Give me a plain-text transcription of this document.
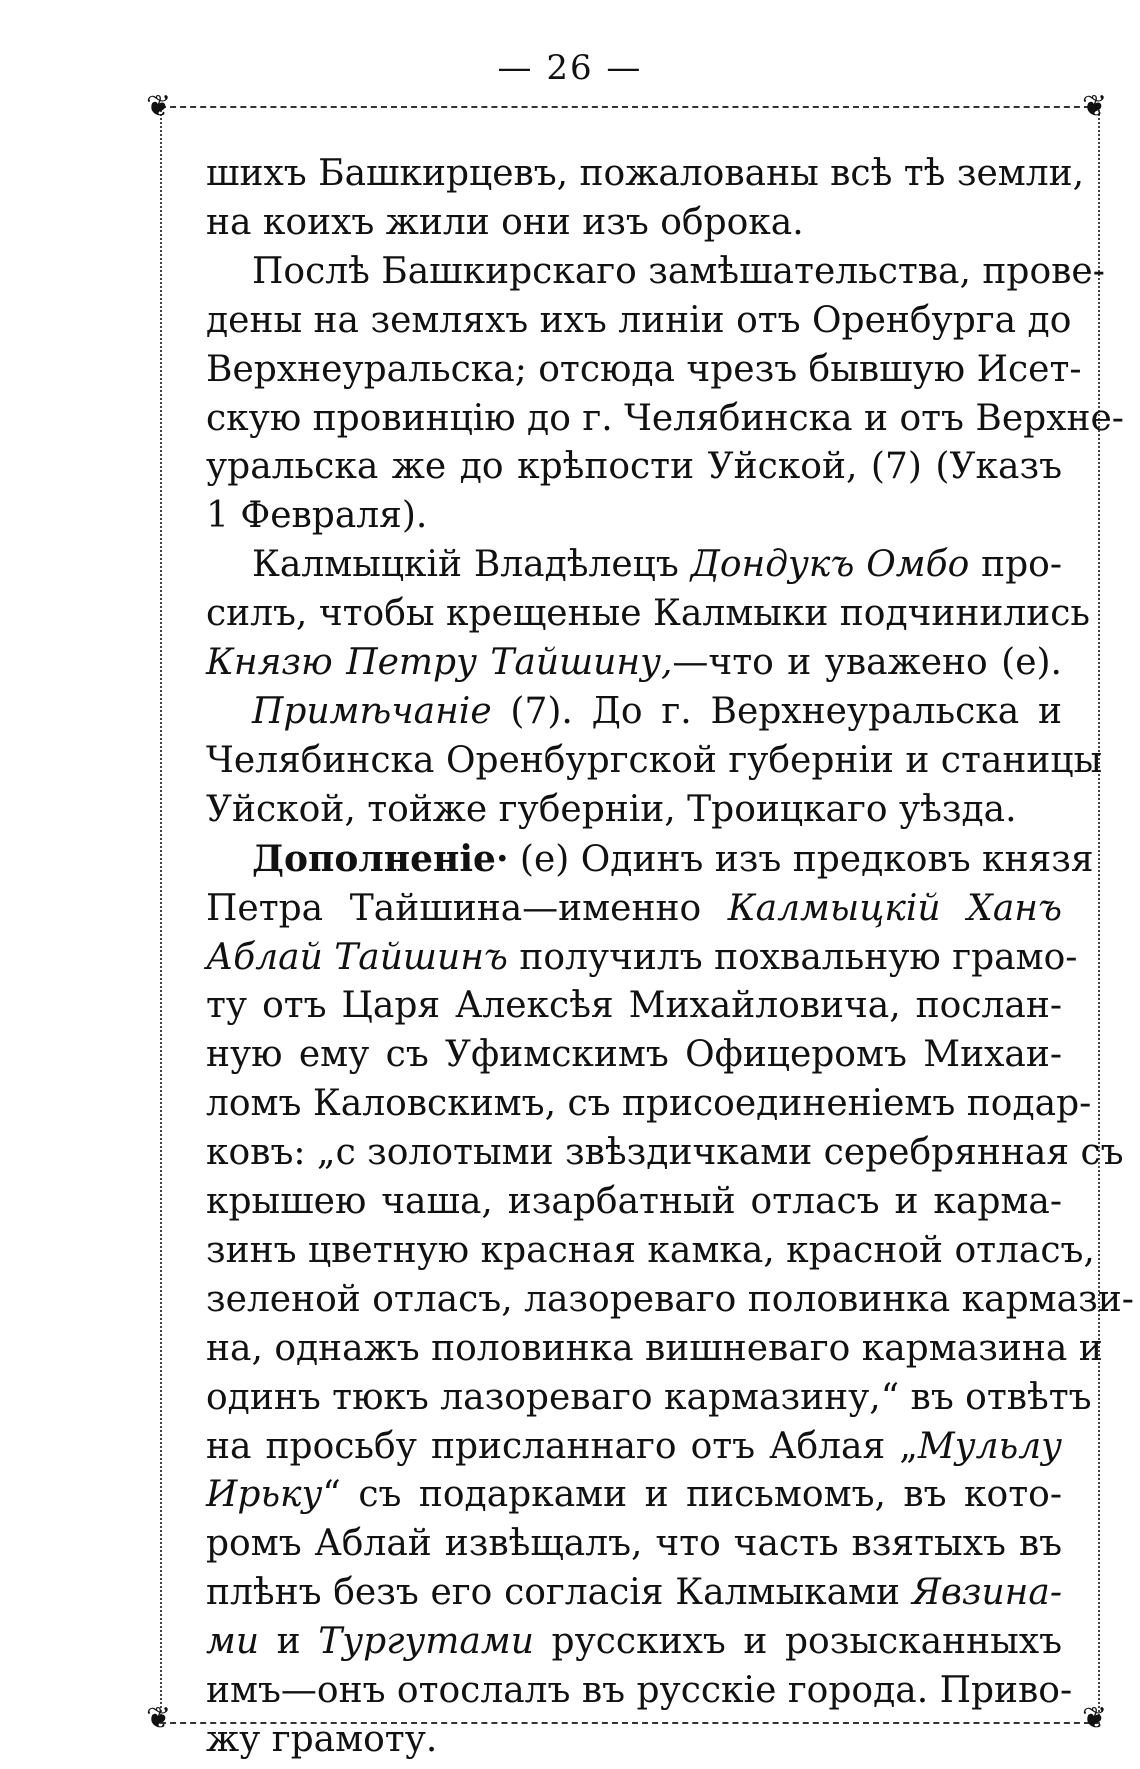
— 26 —
❦	❦
❦	❦
шихъ Башкирцевъ, пожалованы всѣ тѣ земли,
на коихъ жили они изъ оброка.
Послѣ Башкирскаго замѣшательства, прове-
дены на земляхъ ихъ линіи отъ Оренбурга до
Верхнеуральска; отсюда чрезъ бывшую Исет-
скую провинцію до г. Челябинска и отъ Верхне-
уральска же до крѣпости Уйской, (7) (Указъ
1 Февраля).
Калмыцкій Владѣлецъ Дондукъ Омбо про-
силъ, чтобы крещеные Калмыки подчинились
Князю Петру Тайшину,—что и уважено (е).
Примѣчаніе (7). До г. Верхнеуральска и
Челябинска Оренбургской губерніи и станицы
Уйской, тойже губерніи, Троицкаго уѣзда.
Дополненіе· (е) Одинъ изъ предковъ князя
Петра Тайшина—именно Калмыцкій Ханъ
Аблай Тайшинъ получилъ похвальную грамо-
ту отъ Царя Алексѣя Михайловича, послан-
ную ему съ Уфимскимъ Офицеромъ Михаи-
ломъ Каловскимъ, съ присоединеніемъ подар-
ковъ: „с золотыми звѣздичками серебрянная съ
крышею чаша, изарбатный отласъ и карма-
зинъ цветную красная камка, красной отласъ,
зеленой отласъ, лазореваго половинка кармази-
на, однажъ половинка вишневаго кармазина и
одинъ тюкъ лазореваго кармазину,“ въ отвѣтъ
на просьбу присланнаго отъ Аблая „Мульлу
Ирьку“ съ подарками и письмомъ, въ кото-
ромъ Аблай извѣщалъ, что часть взятыхъ въ
плѣнъ безъ его согласія Калмыками Явзина-
ми и Тургутами русскихъ и розысканныхъ
имъ—онъ отослалъ въ русскіе города. Приво-
жу грамоту.
